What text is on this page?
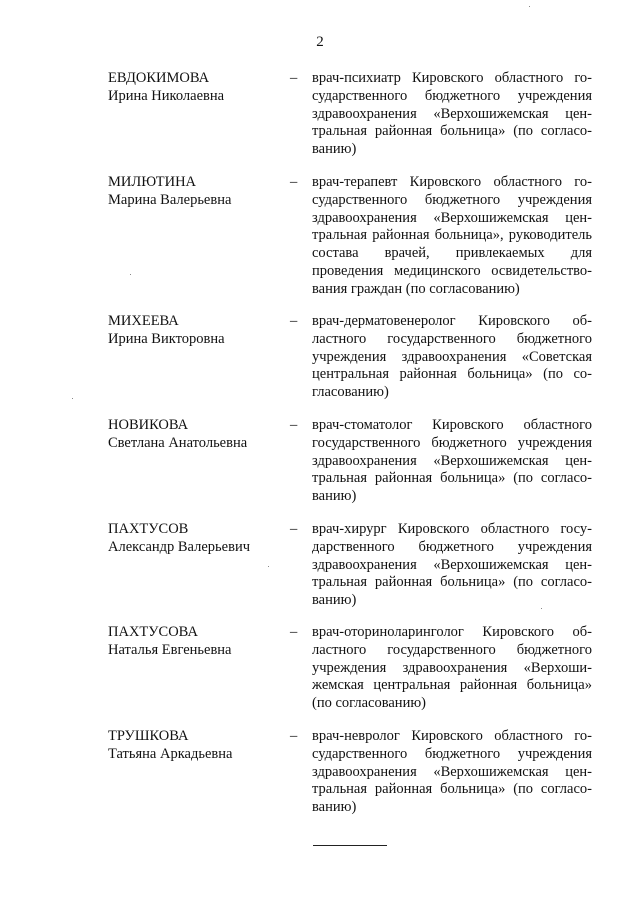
2
ЕВДОКИМОВА
Ирина Николаевна
– врач-психиатр Кировского областного государственного бюджетного учреждения здравоохранения «Верхошижемская центральная районная больница» (по согласованию)
МИЛЮТИНА
Марина Валерьевна
– врач-терапевт Кировского областного государственного бюджетного учреждения здравоохранения «Верхошижемская центральная районная больница», руководитель состава врачей, привлекаемых для проведения медицинского освидетельствования граждан (по согласованию)
МИХЕЕВА
Ирина Викторовна
– врач-дерматовенеролог Кировского областного государственного бюджетного учреждения здравоохранения «Советская центральная районная больница» (по согласованию)
НОВИКОВА
Светлана Анатольевна
– врач-стоматолог Кировского областного государственного бюджетного учреждения здравоохранения «Верхошижемская центральная районная больница» (по согласованию)
ПАХТУСОВ
Александр Валерьевич
– врач-хирург Кировского областного государственного бюджетного учреждения здравоохранения «Верхошижемская центральная районная больница» (по согласованию)
ПАХТУСОВА
Наталья Евгеньевна
– врач-оториноларинголог Кировского областного государственного бюджетного учреждения здравоохранения «Верхошижемская центральная районная больница» (по согласованию)
ТРУШКОВА
Татьяна Аркадьевна
– врач-невролог Кировского областного государственного бюджетного учреждения здравоохранения «Верхошижемская центральная районная больница» (по согласованию)
